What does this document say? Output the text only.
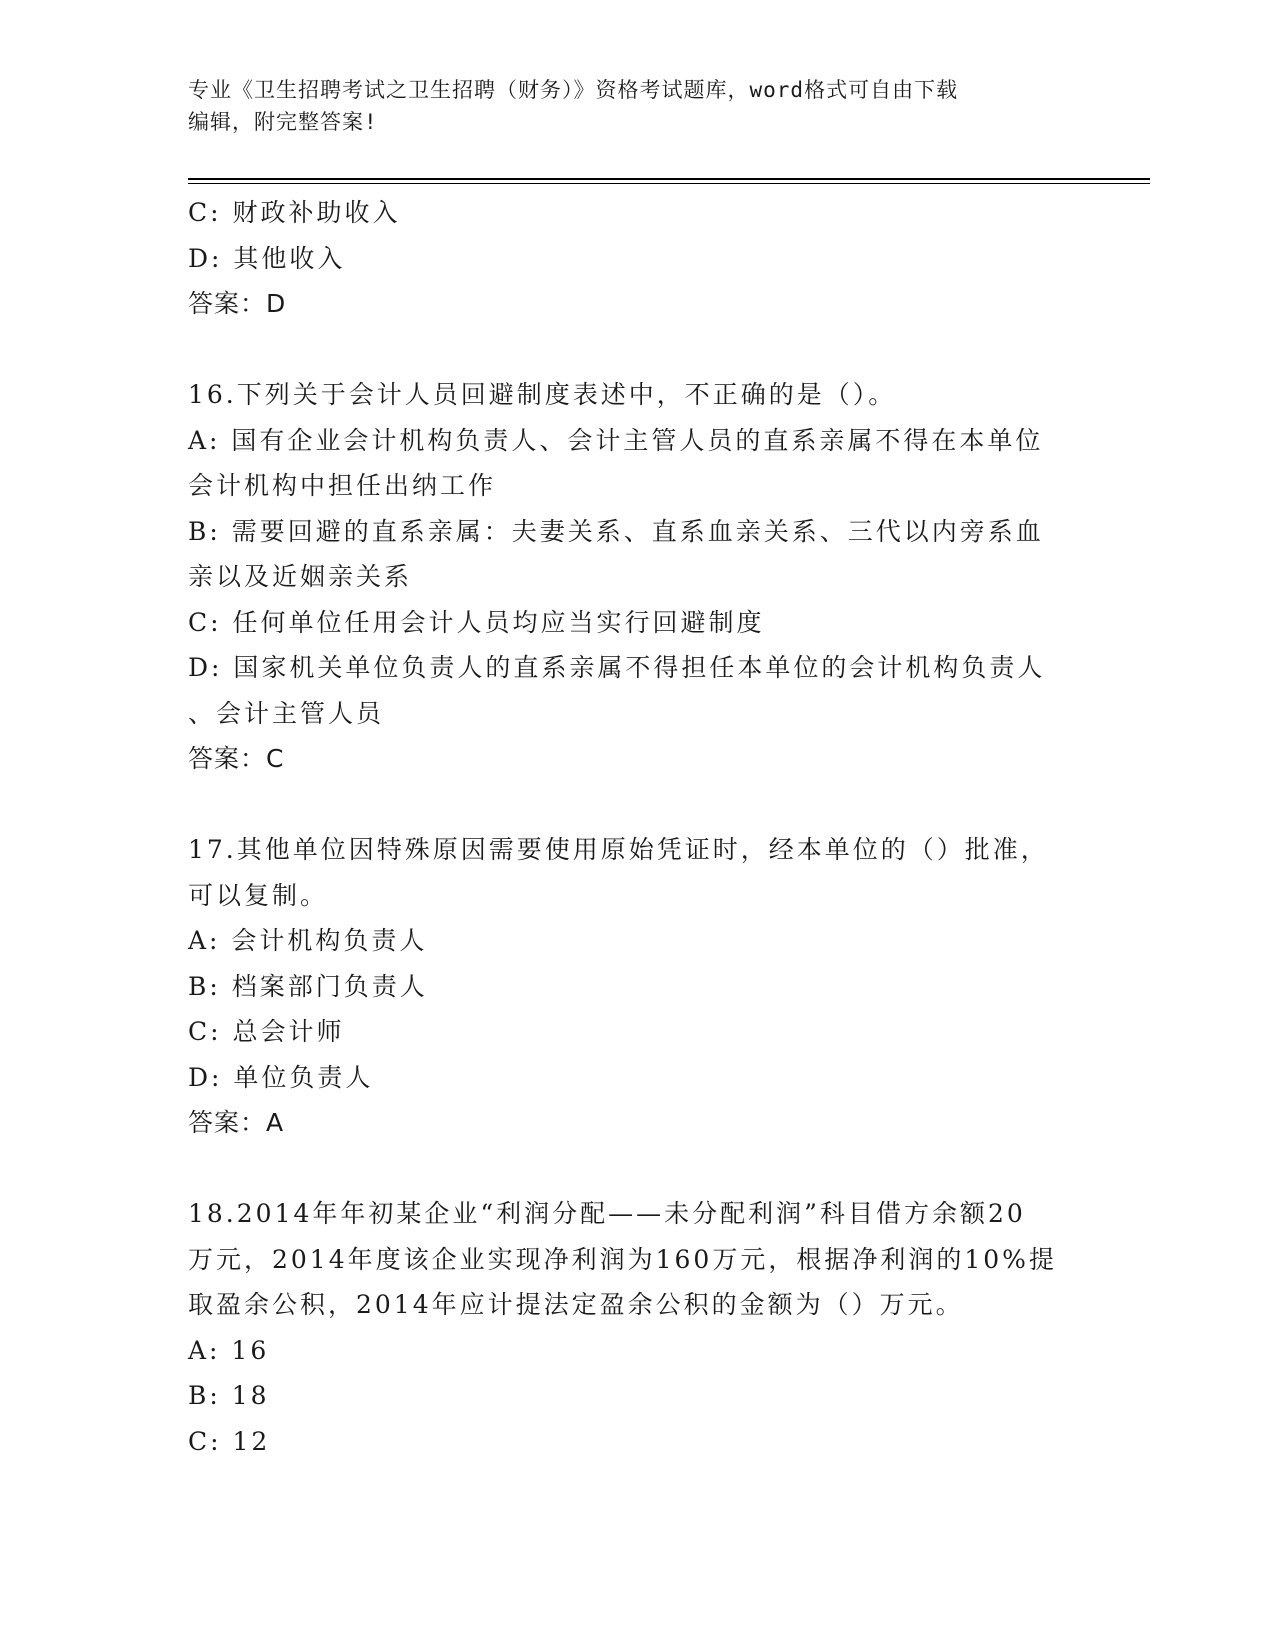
专业《卫生招聘考试之卫生招聘（财务）》资格考试题库，word格式可自由下载
编辑，附完整答案!
C: 财政补助收入
D: 其他收入
答案：D
16.下列关于会计人员回避制度表述中，不正确的是（）。
A: 国有企业会计机构负责人、会计主管人员的直系亲属不得在本单位
会计机构中担任出纳工作
B: 需要回避的直系亲属：夫妻关系、直系血亲关系、三代以内旁系血
亲以及近姻亲关系
C: 任何单位任用会计人员均应当实行回避制度
D: 国家机关单位负责人的直系亲属不得担任本单位的会计机构负责人
、会计主管人员
答案：C
17.其他单位因特殊原因需要使用原始凭证时，经本单位的（）批准，
可以复制。
A: 会计机构负责人
B: 档案部门负责人
C: 总会计师
D: 单位负责人
答案：A
18.2014年年初某企业“利润分配——未分配利润”科目借方余额20
万元，2014年度该企业实现净利润为160万元，根据净利润的10%提
取盈余公积，2014年应计提法定盈余公积的金额为（）万元。
A: 16
B: 18
C: 12
